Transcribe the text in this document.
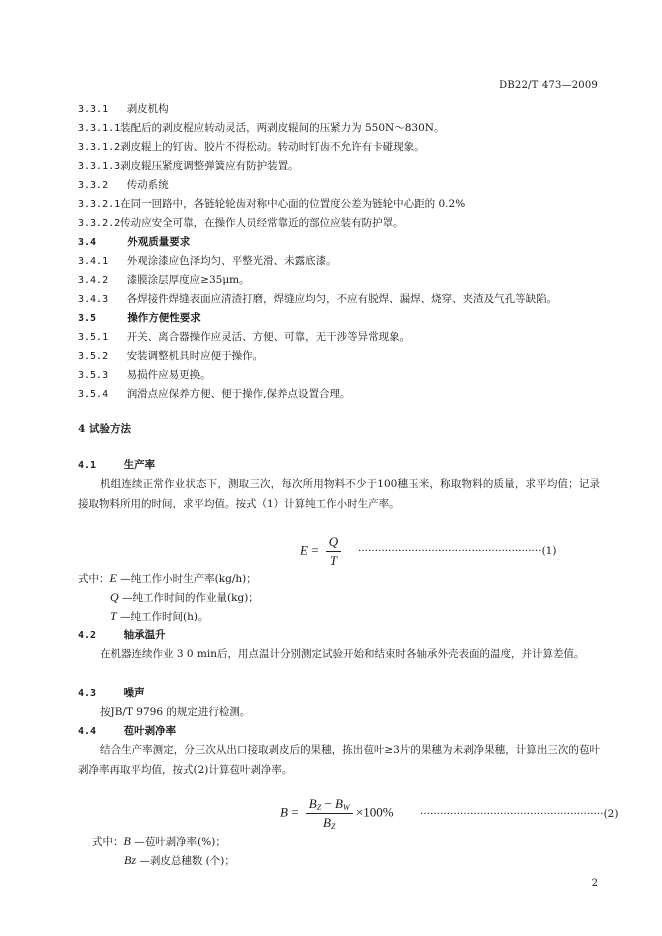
DB22/T 473—2009
3.3.1 剥皮机构
3.3.1.1装配后的剥皮棍应转动灵活，两剥皮辊间的压紧力为 550N～830N。
3.3.1.2剥皮辊上的钉齿、胶片不得松动。转动时钉齿不允许有卡碰现象。
3.3.1.3剥皮辊压紧度调整弹簧应有防护装置。
3.3.2 传动系统
3.3.2.1在同一回路中，各链轮轮齿对称中心面的位置度公差为链轮中心距的 0.2%
3.3.2.2传动应安全可靠，在操作人员经常靠近的部位应装有防护罩。
3.4	外观质量要求
3.4.1 外观涂漆应色泽均匀、平整光滑、未露底漆。
3.4.2 漆膜涂层厚度应≥35μm。
3.4.3 各焊接件焊缝表面应清渣打磨，焊缝应均匀，不应有脱焊、漏焊、烧穿、夹渣及气孔等缺陷。
3.5	操作方便性要求
3.5.1 开关、离合器操作应灵活、方便、可靠，无干涉等异常现象。
3.5.2 安装调整机具时应便于操作。
3.5.3 易损件应易更换。
3.5.4 润滑点应保养方便、便于操作,保养点设置合理。
4 试验方法
4.1	生产率
机组连续正常作业状态下，测取三次，每次所用物料不少于100穗玉米，称取物料的质量，求平均值；记录接取物料所用的时间，求平均值。按式（1）计算纯工作小时生产率。
$E = \frac{Q}{T} \cdot\cdot\cdot\cdot\cdot\cdot\cdot\cdot\cdot\cdot\cdot\cdot\cdot\cdot\cdot\cdot\cdot\cdot\cdot\cdot\cdot\cdot\cdot\cdot\cdot\cdot\cdot\cdot\cdot\cdot\cdot\cdot\cdot\cdot\cdot\cdot\cdot\cdot\cdot\cdot\cdot\cdot\cdot\cdot\cdot\cdot\cdot\cdot\cdot\cdot\cdot\cdot\cdot\cdot\cdot(1)$
式中：E —纯工作小时生产率(kg/h)；
Q —纯工作时间的作业量(kg)；
T —纯工作时间(h)。
4.2	轴承温升
在机器连续作业 3 0 min后，用点温计分别测定试验开始和结束时各轴承外壳表面的温度，并计算差值。
4.3	噪声
按JB/T 9796 的规定进行检测。
4.4	苞叶剥净率
结合生产率测定，分三次从出口接取剥皮后的果穗，拣出苞叶≥3片的果穗为未剥净果穗，计算出三次的苞叶剥净率再取平均值，按式(2)计算苞叶剥净率。
$B = \frac{BZ - BW}{BZ} \times 100\%$	·······················································(2)
式中：B —苞叶剥净率(%)；
Bz —剥皮总穗数 (个)；
2
